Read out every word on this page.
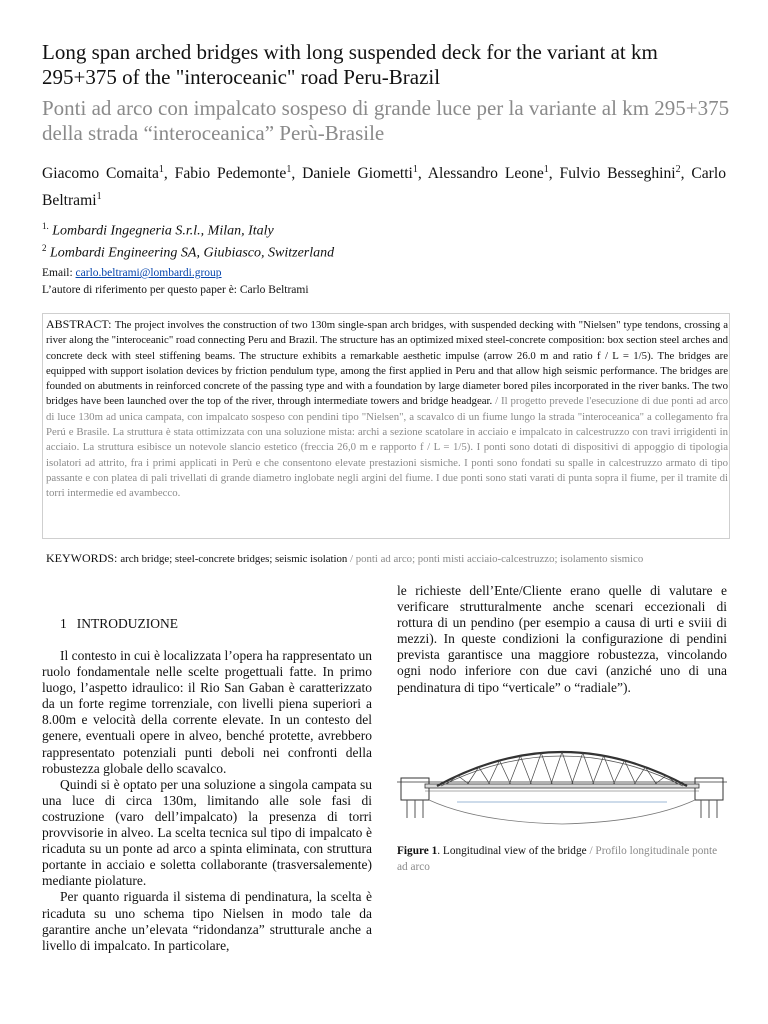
Long span arched bridges with long suspended deck for the variant at km 295+375 of the "interoceanic" road Peru-Brazil
Ponti ad arco con impalcato sospeso di grande luce per la variante al km 295+375 della strada “interoceanica” Perù-Brasile
Giacomo Comaita$^1$, Fabio Pedemonte$^1$, Daniele Giometti$^1$, Alessandro Leone$^1$, Fulvio Besseghini$^2$, Carlo Beltrami$^1$
$^{1.}$ Lombardi Ingegneria S.r.l., Milan, Italy
$^2$ Lombardi Engineering SA, Giubiasco, Switzerland
Email: carlo.beltrami@lombardi.group
L’autore di riferimento per questo paper è: Carlo Beltrami
ABSTRACT: The project involves the construction of two 130m single-span arch bridges, with suspended decking with "Nielsen" type tendons, crossing a river along the "interoceanic" road connecting Peru and Brazil. The structure has an optimized mixed steel-concrete composition: box section steel arches and concrete deck with steel stiffening beams. The structure exhibits a remarkable aesthetic impulse (arrow 26.0 m and ratio f / L = 1/5). The bridges are equipped with support isolation devices by friction pendulum type, among the first applied in Peru and that allow high seismic performance. The bridges are founded on abutments in reinforced concrete of the passing type and with a foundation by large diameter bored piles incorporated in the river banks. The two bridges have been launched over the top of the river, through intermediate towers and bridge headgear. / Il progetto prevede l'esecuzione di due ponti ad arco di luce 130m ad unica campata, con impalcato sospeso con pendini tipo "Nielsen", a scavalco di un fiume lungo la strada "interoceanica" a collegamento fra Perú e Brasile. La struttura è stata ottimizzata con una soluzione mista: archi a sezione scatolare in acciaio e impalcato in calcestruzzo con travi irrigidenti in acciaio. La struttura esibisce un notevole slancio estetico (freccia 26,0 m e rapporto f / L = 1/5). I ponti sono dotati di dispositivi di appoggio di tipologia isolatori ad attrito, fra i primi applicati in Perù e che consentono elevate prestazioni sismiche. I ponti sono fondati su spalle in calcestruzzo armato di tipo passante e con platea di pali trivellati di grande diametro inglobate negli argini del fiume. I due ponti sono stati varati di punta sopra il fiume, per il tramite di torri intermedie ed avambecco.
KEYWORDS: arch bridge; steel-concrete bridges; seismic isolation / ponti ad arco; ponti misti acciaio-calcestruzzo; isolamento sismico
1 INTRODUZIONE

Il contesto in cui è localizzata l’opera ha rappresentato un ruolo fondamentale nelle scelte progettuali fatte. In primo luogo, l’aspetto idraulico: il Rio San Gaban è caratterizzato da un forte regime torrenziale, con livelli piena superiori a 8.00m e velocità della corrente elevate. In un contesto del genere, eventuali opere in alveo, benché protette, avrebbero rappresentato potenziali punti deboli nei confronti della robustezza globale dello scavalco.

Quindi si è optato per una soluzione a singola campata su una luce di circa 130m, limitando alle sole fasi di costruzione (varo dell’impalcato) la presenza di torri provvisorie in alveo. La scelta tecnica sul tipo di impalcato è ricaduta su un ponte ad arco a spinta eliminata, con struttura portante in acciaio e soletta collaborante (trasversalemente) mediante piolature.

Per quanto riguarda il sistema di pendinatura, la scelta è ricaduta su uno schema tipo Nielsen in modo tale da garantire anche un’elevata “ridondanza” strutturale anche a livello di impalcato. In particolare,

le richieste dell’Ente/Cliente erano quelle di valutare e verificare strutturalmente anche scenari eccezionali di rottura di un pendino (per esempio a causa di urti e sviii di mezzi). In queste condizioni la configurazione di pendini prevista garantisce una maggiore robustezza, vincolando ogni nodo inferiore con due cavi (anziché uno di una pendinatura di tipo “verticale” o “radiale”).

Figure 1. Longitudinal view of the bridge / Profilo longitudinale ponte ad arco
